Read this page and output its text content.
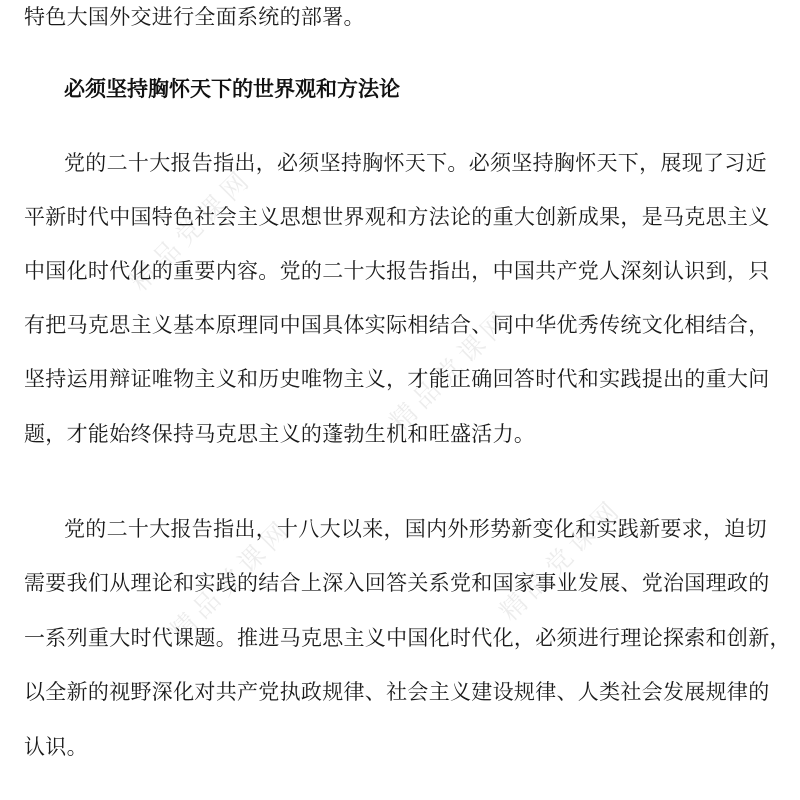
精品党课网
精品党课网
精品党课网	精品党课网
特色大国外交进行全面系统的部署。
必须坚持胸怀天下的世界观和方法论
党的二十大报告指出，必须坚持胸怀天下。必须坚持胸怀天下，展现了习近
平新时代中国特色社会主义思想世界观和方法论的重大创新成果，是马克思主义
中国化时代化的重要内容。党的二十大报告指出，中国共产党人深刻认识到，只
有把马克思主义基本原理同中国具体实际相结合、同中华优秀传统文化相结合，
坚持运用辩证唯物主义和历史唯物主义，才能正确回答时代和实践提出的重大问
题，才能始终保持马克思主义的蓬勃生机和旺盛活力。
党的二十大报告指出，十八大以来，国内外形势新变化和实践新要求，迫切
需要我们从理论和实践的结合上深入回答关系党和国家事业发展、党治国理政的
一系列重大时代课题。推进马克思主义中国化时代化，必须进行理论探索和创新，
以全新的视野深化对共产党执政规律、社会主义建设规律、人类社会发展规律的
认识。
